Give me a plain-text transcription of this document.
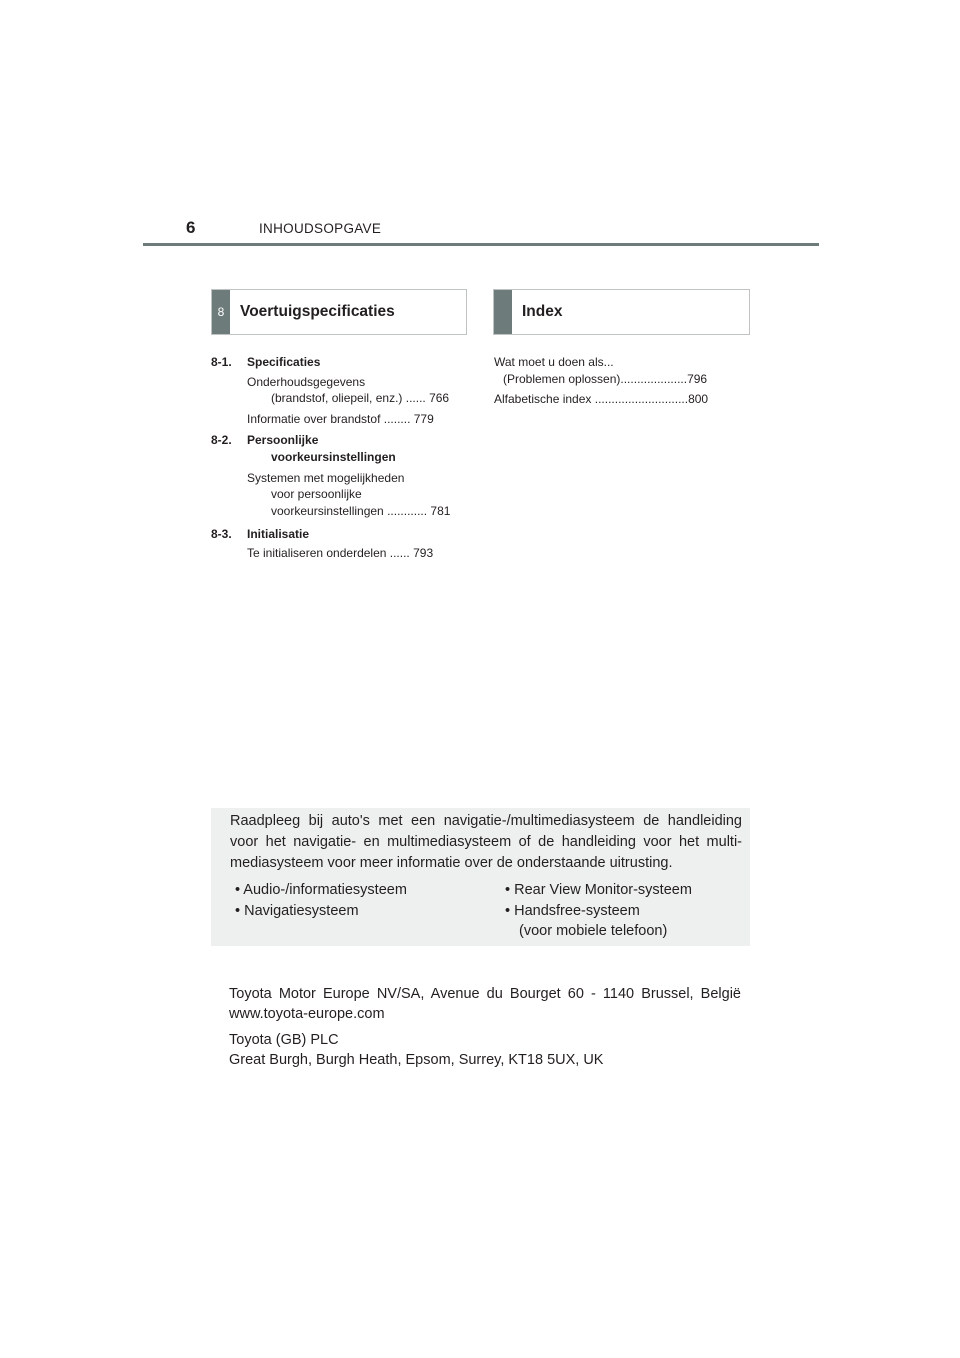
6	INHOUDSOPGAVE
8	Voertuigspecificaties	Index
8-1. Specificaties
Onderhoudsgegevens
(brandstof, oliepeil, enz.) ...... 766
Informatie over brandstof ........ 779
8-2. Persoonlijke
voorkeursinstellingen
Systemen met mogelijkheden
voor persoonlijke
voorkeursinstellingen ............ 781
8-3. Initialisatie
Te initialiseren onderdelen ...... 793
Wat moet u doen als...
(Problemen oplossen)....................796
Alfabetische index ............................800
Raadpleeg bij auto's met een navigatie-/multimediasysteem de handleiding voor het navigatie- en multimediasysteem of de handleiding voor het multi-mediasysteem voor meer informatie over de onderstaande uitrusting.
• Audio-/informatiesysteem
• Navigatiesysteem
• Rear View Monitor-systeem
• Handsfree-systeem
(voor mobiele telefoon)
Toyota Motor Europe NV/SA, Avenue du Bourget 60 - 1140 Brussel, België
www.toyota-europe.com
Toyota (GB) PLC
Great Burgh, Burgh Heath, Epsom, Surrey, KT18 5UX, UK
